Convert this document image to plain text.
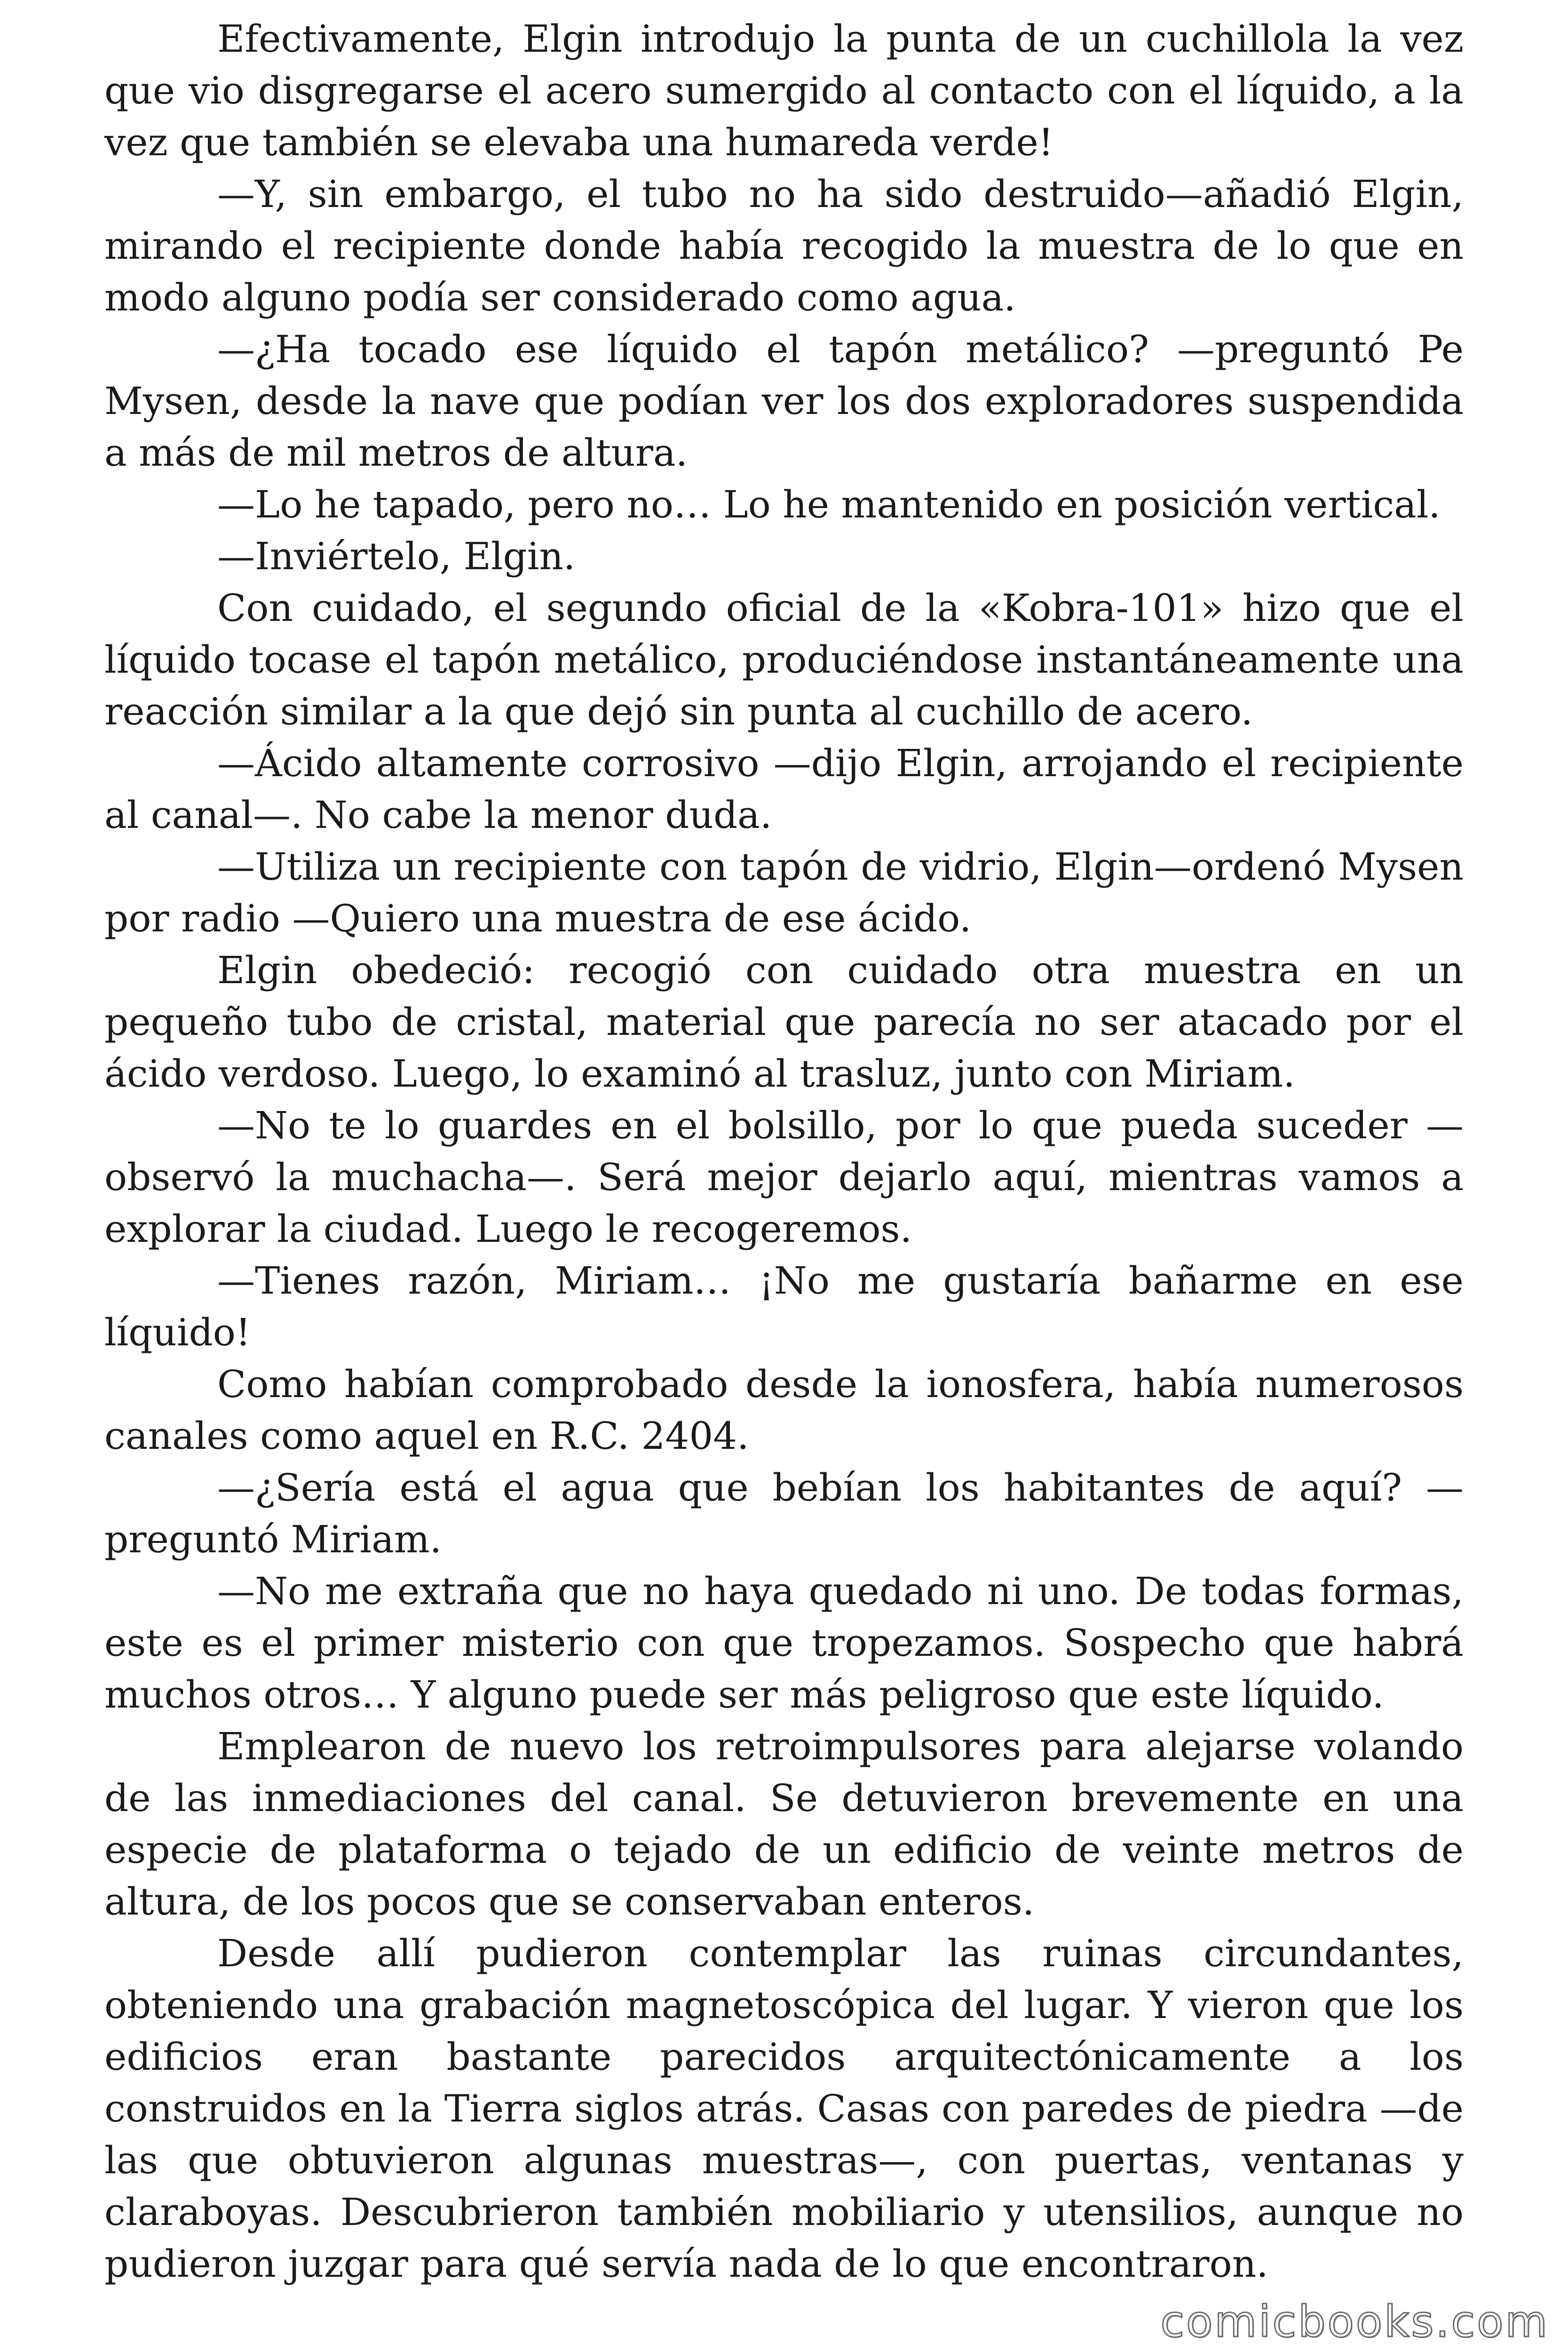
Efectivamente, Elgin introdujo la punta de un cuchillola la vez que vio disgregarse el acero sumergido al contacto con el líquido, a la vez que también se elevaba una humareda verde!

—Y, sin embargo, el tubo no ha sido destruido—añadió Elgin, mirando el recipiente donde había recogido la muestra de lo que en modo alguno podía ser considerado como agua.

—¿Ha tocado ese líquido el tapón metálico? —preguntó Pe Mysen, desde la nave que podían ver los dos exploradores suspendida a más de mil metros de altura.

—Lo he tapado, pero no… Lo he mantenido en posición vertical.

—Inviértelo, Elgin.

Con cuidado, el segundo oficial de la «Kobra-101» hizo que el líquido tocase el tapón metálico, produciéndose instantáneamente una reacción similar a la que dejó sin punta al cuchillo de acero.

—Ácido altamente corrosivo —dijo Elgin, arrojando el recipiente al canal—. No cabe la menor duda.

—Utiliza un recipiente con tapón de vidrio, Elgin—ordenó Mysen por radio —Quiero una muestra de ese ácido.

Elgin obedeció: recogió con cuidado otra muestra en un pequeño tubo de cristal, material que parecía no ser atacado por el ácido verdoso. Luego, lo examinó al trasluz, junto con Miriam.

—No te lo guardes en el bolsillo, por lo que pueda suceder — observó la muchacha—. Será mejor dejarlo aquí, mientras vamos a explorar la ciudad. Luego le recogeremos.

—Tienes razón, Miriam… ¡No me gustaría bañarme en ese líquido!

Como habían comprobado desde la ionosfera, había numerosos canales como aquel en R.C. 2404.

—¿Sería está el agua que bebían los habitantes de aquí? — preguntó Miriam.

—No me extraña que no haya quedado ni uno. De todas formas, este es el primer misterio con que tropezamos. Sospecho que habrá muchos otros… Y alguno puede ser más peligroso que este líquido.

Emplearon de nuevo los retroimpulsores para alejarse volando de las inmediaciones del canal. Se detuvieron brevemente en una especie de plataforma o tejado de un edificio de veinte metros de altura, de los pocos que se conservaban enteros.

Desde allí pudieron contemplar las ruinas circundantes, obteniendo una grabación magnetoscópica del lugar. Y vieron que los edificios eran bastante parecidos arquitectónicamente a los construidos en la Tierra siglos atrás. Casas con paredes de piedra —de las que obtuvieron algunas muestras—, con puertas, ventanas y claraboyas. Descubrieron también mobiliario y utensilios, aunque no pudieron juzgar para qué servía nada de lo que encontraron.

comicbooks.com
